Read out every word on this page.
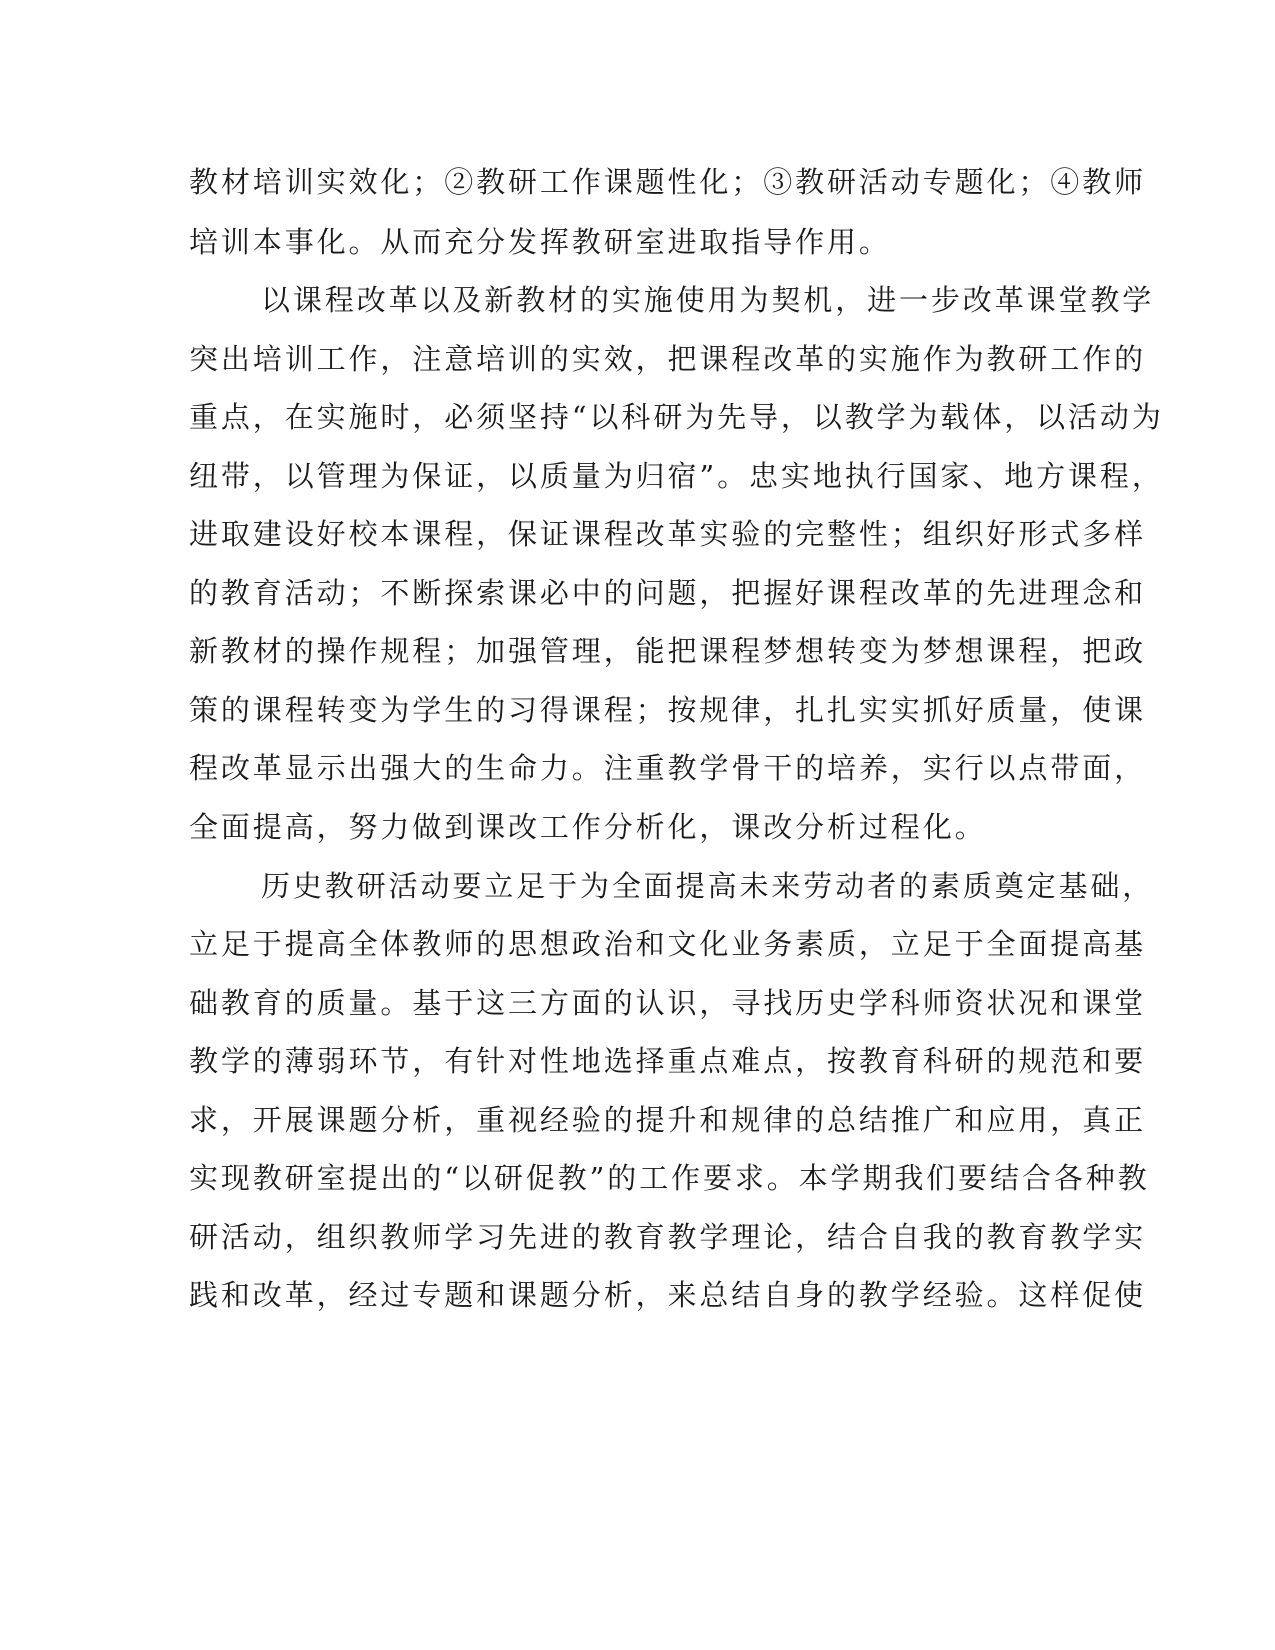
教材培训实效化；②教研工作课题性化；③教研活动专题化；④教师
培训本事化。从而充分发挥教研室进取指导作用。
以课程改革以及新教材的实施使用为契机，进一步改革课堂教学
突出培训工作，注意培训的实效，把课程改革的实施作为教研工作的
重点，在实施时，必须坚持“以科研为先导，以教学为载体，以活动为
纽带，以管理为保证，以质量为归宿”。忠实地执行国家、地方课程，
进取建设好校本课程，保证课程改革实验的完整性；组织好形式多样
的教育活动；不断探索课必中的问题，把握好课程改革的先进理念和
新教材的操作规程；加强管理，能把课程梦想转变为梦想课程，把政
策的课程转变为学生的习得课程；按规律，扎扎实实抓好质量，使课
程改革显示出强大的生命力。注重教学骨干的培养，实行以点带面，
全面提高，努力做到课改工作分析化，课改分析过程化。
历史教研活动要立足于为全面提高未来劳动者的素质奠定基础，
立足于提高全体教师的思想政治和文化业务素质，立足于全面提高基
础教育的质量。基于这三方面的认识，寻找历史学科师资状况和课堂
教学的薄弱环节，有针对性地选择重点难点，按教育科研的规范和要
求，开展课题分析，重视经验的提升和规律的总结推广和应用，真正
实现教研室提出的“以研促教”的工作要求。本学期我们要结合各种教
研活动，组织教师学习先进的教育教学理论，结合自我的教育教学实
践和改革，经过专题和课题分析，来总结自身的教学经验。这样促使
